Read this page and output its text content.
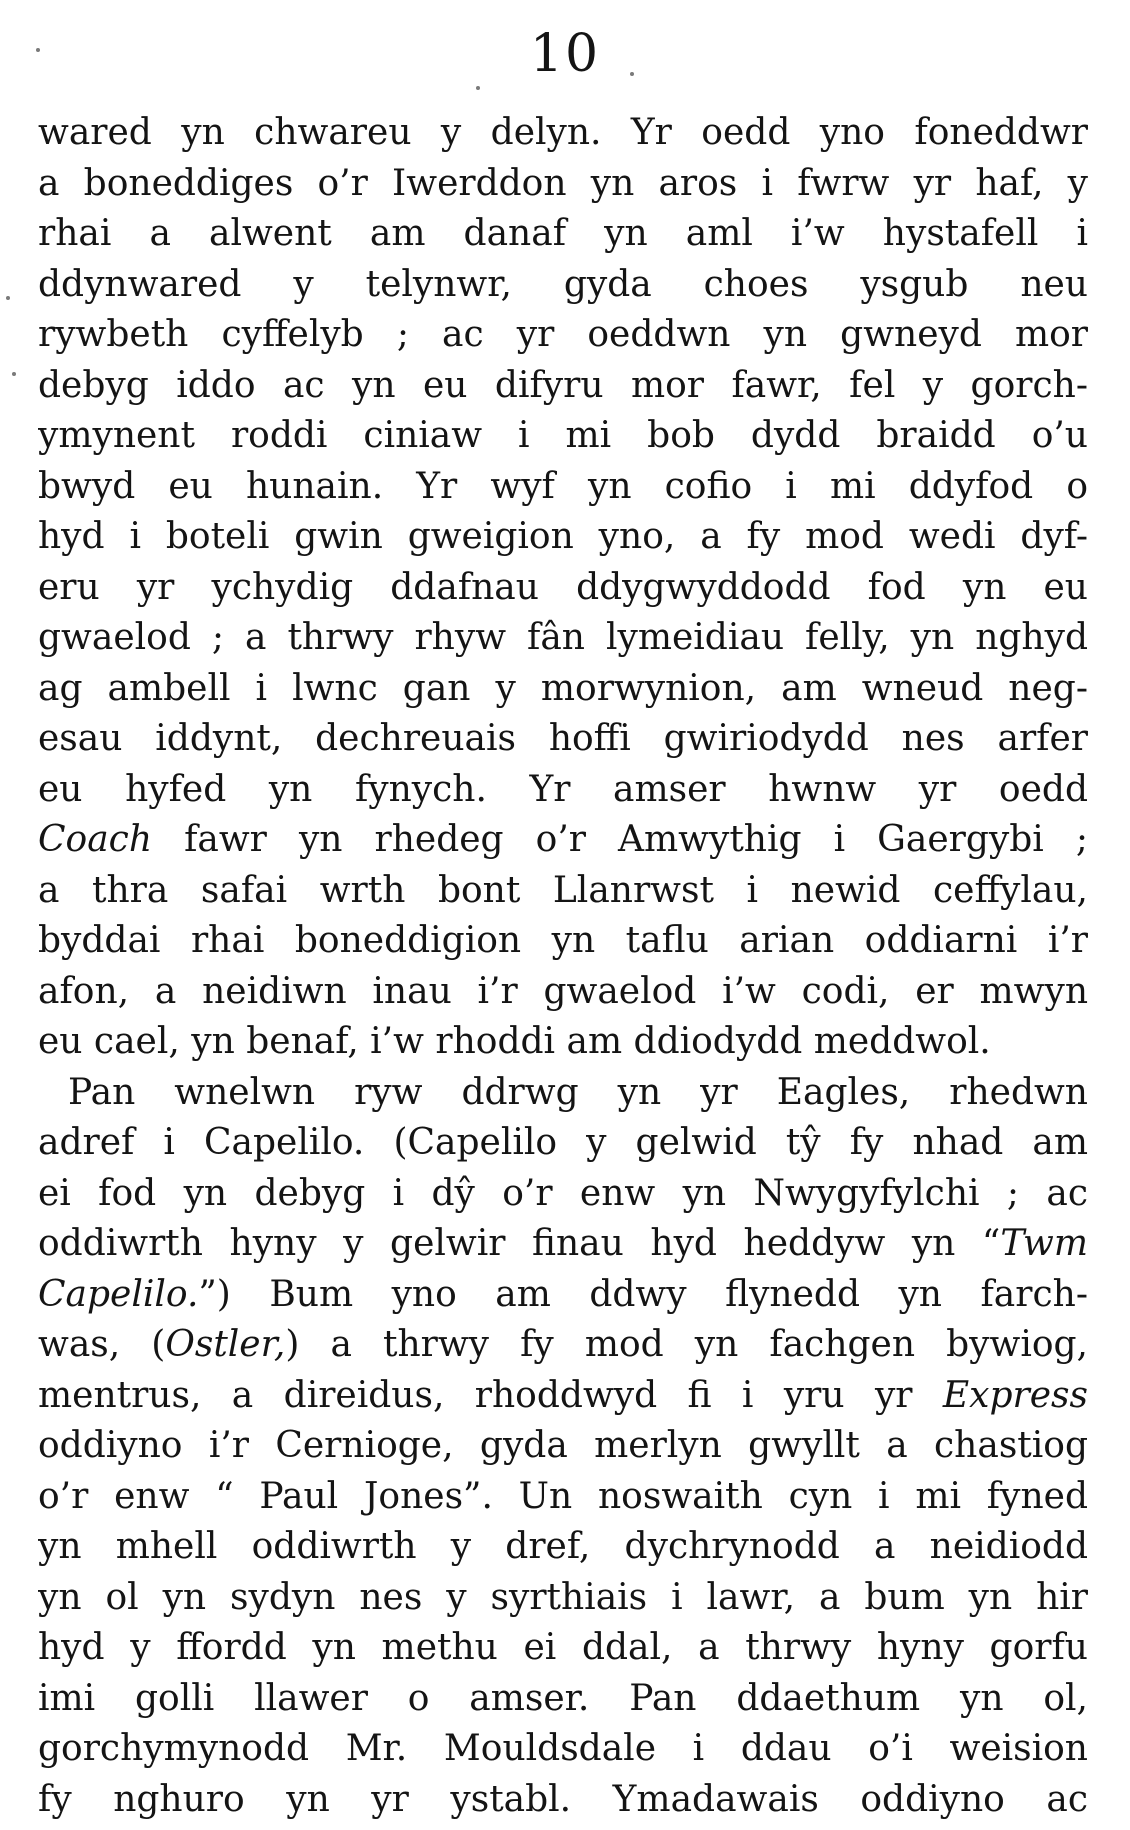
10
wared yn chwareu y delyn. Yr oedd yno foneddwr
a boneddiges o’r Iwerddon yn aros i fwrw yr haf, y
rhai a alwent am danaf yn aml i’w hystafell i
ddynwared y telynwr, gyda choes ysgub neu
rywbeth cyffelyb ; ac yr oeddwn yn gwneyd mor
debyg iddo ac yn eu difyru mor fawr, fel y gorch-
ymynent roddi ciniaw i mi bob dydd braidd o’u
bwyd eu hunain. Yr wyf yn cofio i mi ddyfod o
hyd i boteli gwin gweigion yno, a fy mod wedi dyf-
eru yr ychydig ddafnau ddygwyddodd fod yn eu
gwaelod ; a thrwy rhyw fân lymeidiau felly, yn nghyd
ag ambell i lwnc gan y morwynion, am wneud neg-
esau iddynt, dechreuais hoffi gwiriodydd nes arfer
eu hyfed yn fynych. Yr amser hwnw yr oedd
Coach fawr yn rhedeg o’r Amwythig i Gaergybi ;
a thra safai wrth bont Llanrwst i newid ceffylau,
byddai rhai boneddigion yn taflu arian oddiarni i’r
afon, a neidiwn inau i’r gwaelod i’w codi, er mwyn
eu cael, yn benaf, i’w rhoddi am ddiodydd meddwol.
Pan wnelwn ryw ddrwg yn yr Eagles, rhedwn
adref i Capelilo. (Capelilo y gelwid tŷ fy nhad am
ei fod yn debyg i dŷ o’r enw yn Nwygyfylchi ; ac
oddiwrth hyny y gelwir finau hyd heddyw yn “Twm
Capelilo.”) Bum yno am ddwy flynedd yn farch-
was, (Ostler,) a thrwy fy mod yn fachgen bywiog,
mentrus, a direidus, rhoddwyd fi i yru yr Express
oddiyno i’r Cernioge, gyda merlyn gwyllt a chastiog
o’r enw “ Paul Jones”. Un noswaith cyn i mi fyned
yn mhell oddiwrth y dref, dychrynodd a neidiodd
yn ol yn sydyn nes y syrthiais i lawr, a bum yn hir
hyd y ffordd yn methu ei ddal, a thrwy hyny gorfu
imi golli llawer o amser. Pan ddaethum yn ol,
gorchymynodd Mr. Mouldsdale i ddau o’i weision
fy nghuro yn yr ystabl. Ymadawais oddiyno ac
